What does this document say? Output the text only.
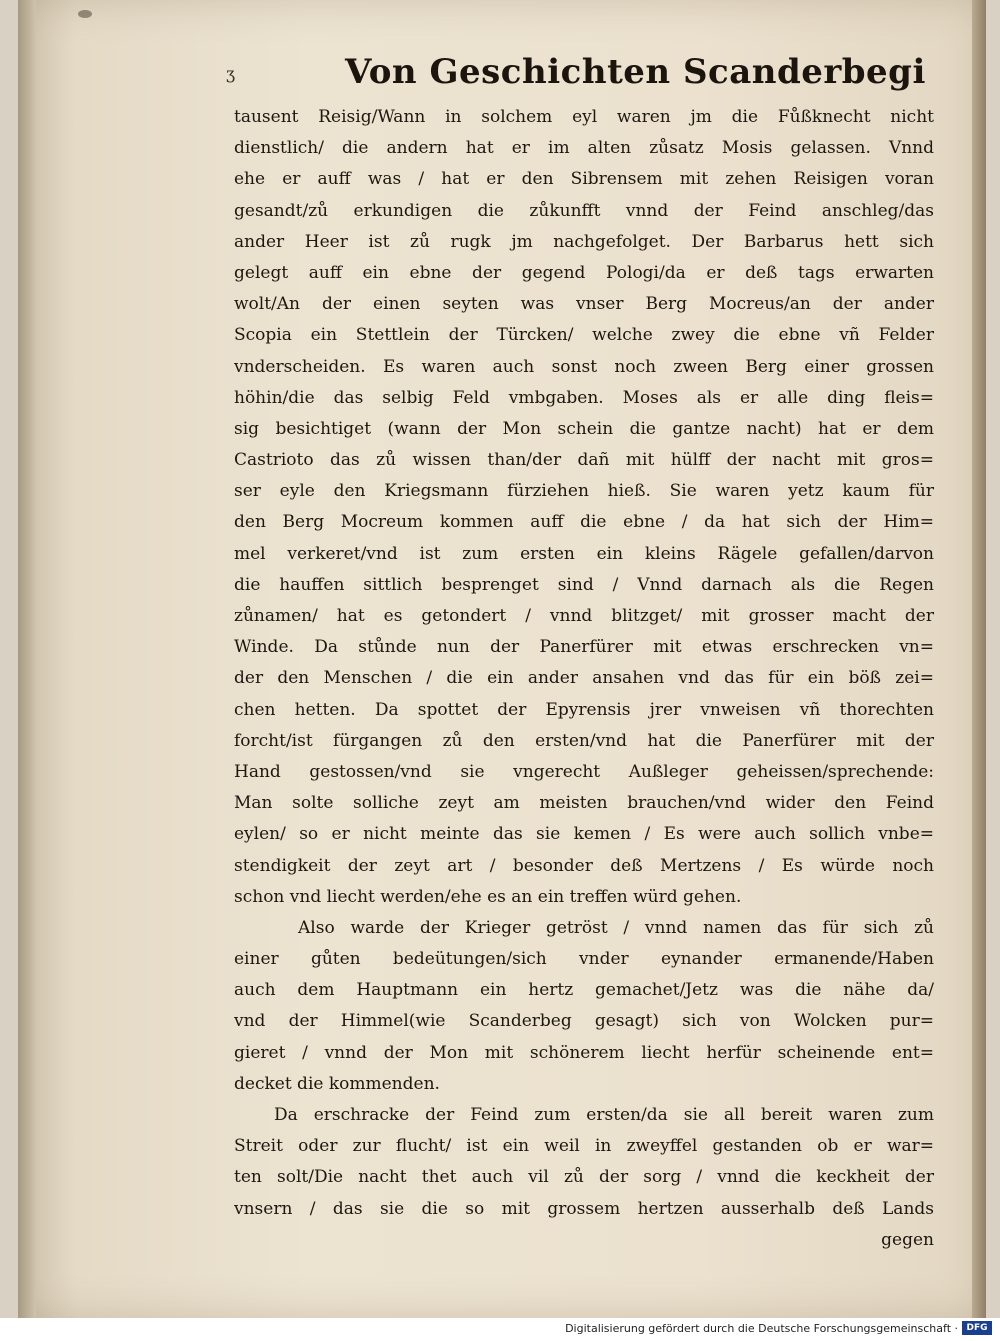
ʒ	Von Geschichten Scanderbegi
tausent Reisig/Wann in solchem eyl waren jm die Fůßknecht nicht
dienstlich/ die andern hat er im alten zůsatz Mosis gelassen. Vnnd
ehe er auff was / hat er den Sibrensem mit zehen Reisigen voran
gesandt/zů erkundigen die zůkunfft vnnd der Feind anschleg/das
ander Heer ist zů rugk jm nachgefolget. Der Barbarus hett sich
gelegt auff ein ebne der gegend Pologi/da er deß tags erwarten
wolt/An der einen seyten was vnser Berg Mocreus/an der ander
Scopia ein Stettlein der Türcken/ welche zwey die ebne vñ Felder
vnderscheiden. Es waren auch sonst noch zween Berg einer grossen
höhin/die das selbig Feld vmbgaben. Moses als er alle ding fleis=
sig besichtiget (wann der Mon schein die gantze nacht) hat er dem
Castrioto das zů wissen than/der dañ mit hülff der nacht mit gros=
ser eyle den Kriegsmann fürziehen hieß. Sie waren yetz kaum für
den Berg Mocreum kommen auff die ebne / da hat sich der Him=
mel verkeret/vnd ist zum ersten ein kleins Rägele gefallen/darvon
die hauffen sittlich besprenget sind / Vnnd darnach als die Regen
zůnamen/ hat es getondert / vnnd blitzget/ mit grosser macht der
Winde. Da stůnde nun der Panerfürer mit etwas erschrecken vn=
der den Menschen / die ein ander ansahen vnd das für ein böß zei=
chen hetten. Da spottet der Epyrensis jrer vnweisen vñ thorechten
forcht/ist fürgangen zů den ersten/vnd hat die Panerfürer mit der
Hand gestossen/vnd sie vngerecht Außleger geheissen/sprechende:
Man solte solliche zeyt am meisten brauchen/vnd wider den Feind
eylen/ so er nicht meinte das sie kemen / Es were auch sollich vnbe=
stendigkeit der zeyt art / besonder deß Mertzens / Es würde noch
schon vnd liecht werden/ehe es an ein treffen würd gehen.
Also warde der Krieger getröst / vnnd namen das für sich zů
einer gůten bedeütungen/sich vnder eynander ermanende/Haben
auch dem Hauptmann ein hertz gemachet/Jetz was die nähe da/
vnd der Himmel(wie Scanderbeg gesagt) sich von Wolcken pur=
gieret / vnnd der Mon mit schönerem liecht herfür scheinende ent=
decket die kommenden.
Da erschracke der Feind zum ersten/da sie all bereit waren zum
Streit oder zur flucht/ ist ein weil in zweyffel gestanden ob er war=
ten solt/Die nacht thet auch vil zů der sorg / vnnd die keckheit der
vnsern / das sie die so mit grossem hertzen ausserhalb deß Lands
gegen
Digitalisierung gefördert durch die Deutsche Forschungsgemeinschaft · DFG
